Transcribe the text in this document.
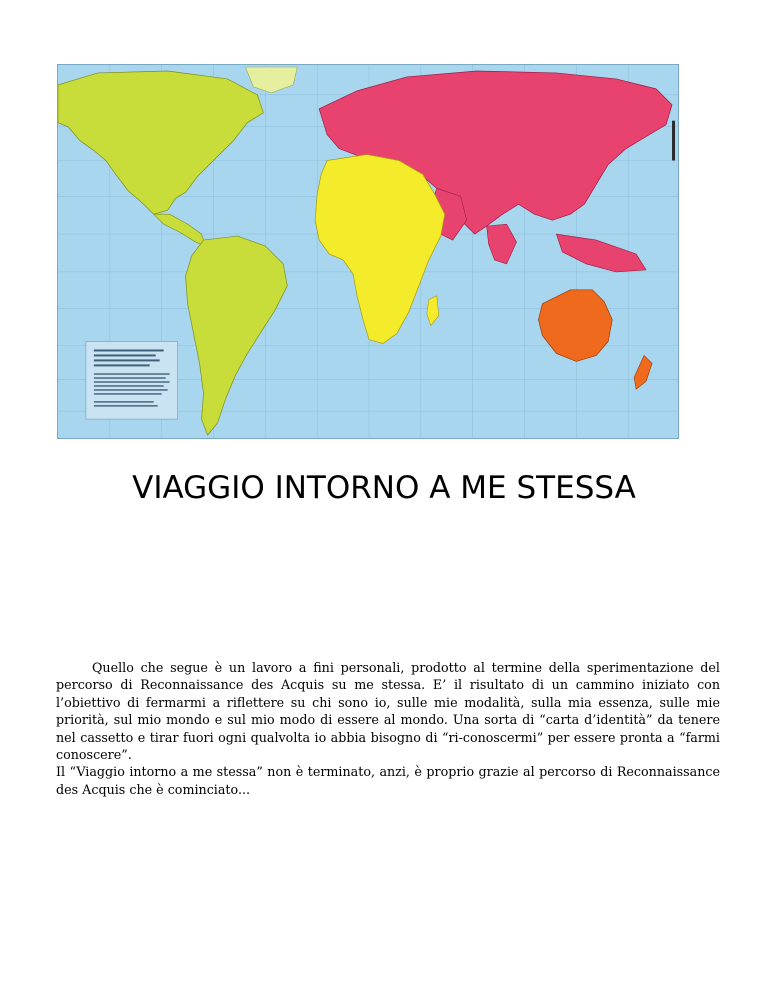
VIAGGIO INTORNO A ME STESSA

Quello che segue è un lavoro a fini personali, prodotto al termine della sperimentazione del percorso di Reconnaissance des Acquis su me stessa. E’ il risultato di un cammino iniziato con l’obiettivo di fermarmi a riflettere su chi sono io, sulle mie modalità, sulla mia essenza, sulle mie priorità, sul mio mondo e sul mio modo di essere al mondo. Una sorta di “carta d’identità” da tenere nel cassetto e tirar fuori ogni qualvolta io abbia bisogno di “ri-conoscermi” per essere pronta a “farmi conoscere”.

Il “Viaggio intorno a me stessa” non è terminato, anzi, è proprio grazie al percorso di Reconnaissance des Acquis che è cominciato...
